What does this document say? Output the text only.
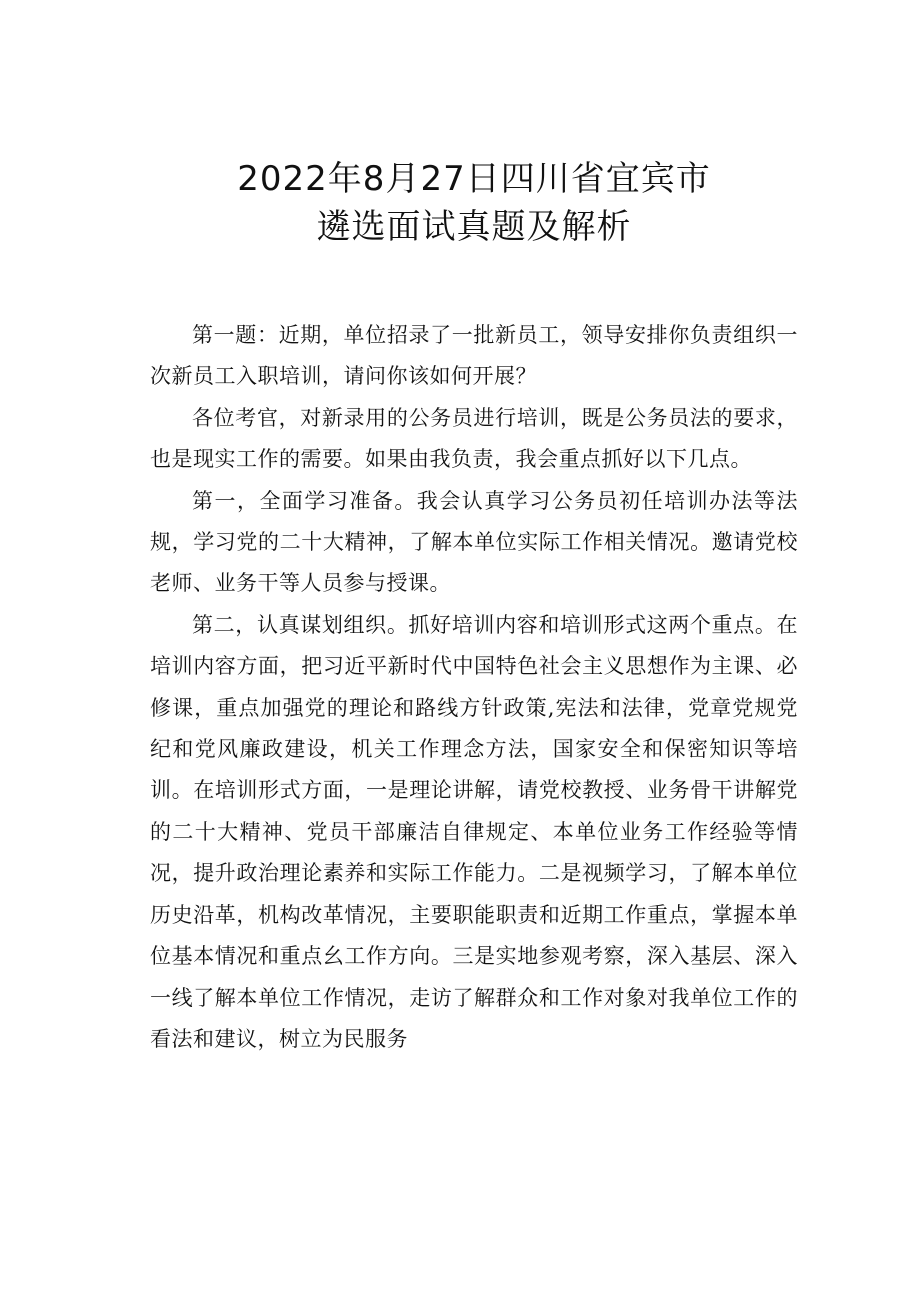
2022年8月27日四川省宜宾市
遴选面试真题及解析

第一题：近期，单位招录了一批新员工，领导安排你负责组织一次新员工入职培训，请问你该如何开展？

各位考官，对新录用的公务员进行培训，既是公务员法的要求，也是现实工作的需要。如果由我负责，我会重点抓好以下几点。

第一，全面学习准备。我会认真学习公务员初任培训办法等法规，学习党的二十大精神，了解本单位实际工作相关情况。邀请党校老师、业务干等人员参与授课。

第二，认真谋划组织。抓好培训内容和培训形式这两个重点。在培训内容方面，把习近平新时代中国特色社会主义思想作为主课、必修课，重点加强党的理论和路线方针政策,宪法和法律，党章党规党纪和党风廉政建设，机关工作理念方法，国家安全和保密知识等培训。在培训形式方面，一是理论讲解，请党校教授、业务骨干讲解党的二十大精神、党员干部廉洁自律规定、本单位业务工作经验等情况，提升政治理论素养和实际工作能力。二是视频学习，了解本单位历史沿革，机构改革情况，主要职能职责和近期工作重点，掌握本单位基本情况和重点幺工作方向。三是实地参观考察，深入基层、深入一线了解本单位工作情况，走访了解群众和工作对象对我单位工作的看法和建议，树立为民服务
